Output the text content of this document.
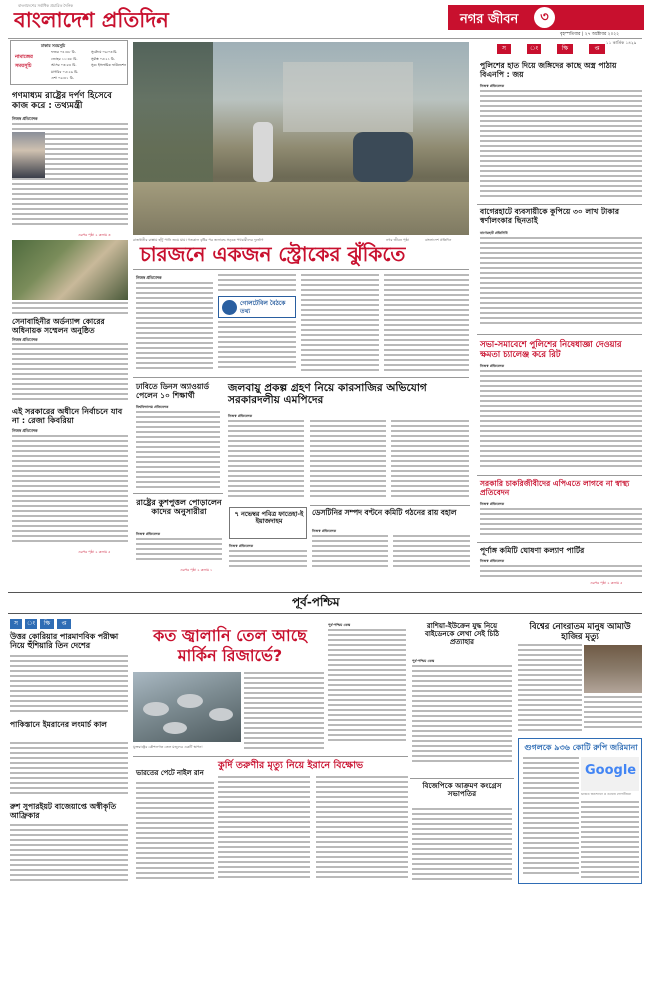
বাংলাদেশের সর্বাধিক প্রচারিত দৈনিক
বাংলাদেশ প্রতিদিন	নগর জীবন	৩
বৃহস্পতিবার | ২৭ অক্টোবর ২০২২
১১ কার্তিক ১৪২৯
ঢাকার সময়সূচি
নামাজের
সময়সূচি
ফজর ০৪:৪৮ মি.
জোহর ১১:৪৮ মি.
আসর ০৩:৫৪ মি.
মাগরিব ০৫:২৬ মি.
এশা ০৬:৪১ মি.
সূর্যোদয় ০৬:০৩ মি.
সূর্যাস্ত ০৫:২১ মি.
সূত্র: ইসলামিক ফাউন্ডেশন
গণমাধ্যম রাষ্ট্রের দর্পণ হিসেবে কাজ করে : তথ্যমন্ত্রী
নিজস্ব প্রতিবেদক
এরপর পৃষ্ঠা ২ কলাম ৩
সেনাবাহিনীর অর্ডন্যান্স কোরের অধিনায়ক সম্মেলন অনুষ্ঠিত
নিজস্ব প্রতিবেদক
এই সরকারের অধীনে নির্বাচনে যাব না : রেজা কিবরিয়া
নিজস্ব প্রতিবেদক
এরপর পৃষ্ঠা ২ কলাম ৫
রাজধানীর রাস্তায় হাঁটু পানি জমে যায়। গতকাল বৃষ্টির পর জলাবদ্ধ সড়কে পথচারীদের দুর্ভোগ	বাংলাদেশ প্রতিদিন
নগর জীবন পৃষ্ঠা
চারজনে একজন স্ট্রোকের ঝুঁকিতে
নিজস্ব প্রতিবেদক
গোলটেবিল বৈঠকে তথ্য
ঢাবিতে ডিনস অ্যাওয়ার্ড পেলেন ১০ শিক্ষার্থী
বিশ্ববিদ্যালয় প্রতিবেদক
জলবায়ু প্রকল্প গ্রহণ নিয়ে কারসাজির অভিযোগ সরকারদলীয় এমপিদের
নিজস্ব প্রতিবেদক
রাষ্ট্রের কুশপুত্তল পোড়ালেন কাদের অনুসারীরা
নিজস্ব প্রতিবেদক
এরপর পৃষ্ঠা ২ কলাম ১
৭ নভেম্বর পবিত্র ফাতেহা-ই ইয়াজদাহম
নিজস্ব প্রতিবেদক
ডেসটিনির সম্পদ বণ্টনে কমিটি গঠনের রায় বহাল
নিজস্ব প্রতিবেদক
স	ং	ক্ষি	প্ত
পুলিশের হাত দিয়ে জঙ্গিদের কাছে অস্ত্র পাঠায় বিএনপি : জয়
নিজস্ব প্রতিবেদক
বাগেরহাটে ব্যবসায়ীকে কুপিয়ে ৩০ লাখ টাকার স্বর্ণালংকার ছিনতাই
বাগেরহাট প্রতিনিধি
সভা-সমাবেশে পুলিশের নিষেধাজ্ঞা দেওয়ার ক্ষমতা চ্যালেঞ্জ করে রিট
নিজস্ব প্রতিবেদক
সরকারি চাকরিজীবীদের এপিএতে লাগবে না স্বাস্থ্য প্রতিবেদন
নিজস্ব প্রতিবেদক
পূর্ণাঙ্গ কমিটি ঘোষণা কল্যাণ পার্টির
নিজস্ব প্রতিবেদক
এরপর পৃষ্ঠা ২ কলাম ৫
পূর্ব-পশ্চিম
স	ং	ক্ষি	প্ত
উত্তর কোরিয়ার পারমাণবিক পরীক্ষা নিয়ে হুঁশিয়ারি তিন দেশের
পাকিস্তানে ইমরানের লংমার্চ কাল
রুশ সুপারইয়ট বাজেয়াপ্তে অস্বীকৃতি আফ্রিকার
কত জ্বালানি তেল আছে মার্কিন রিজার্ভে?
পূর্ব-পশ্চিম ডেস্ক
যুক্তরাষ্ট্রের কৌশলগত তেল মজুদের একটি স্থাপনা
কুর্দি তরুণীর মৃত্যু নিয়ে ইরানে বিক্ষোভ
ভারতের পেটে নাইল রান
রাশিয়া-ইউক্রেন যুদ্ধ নিয়ে বাইডেনকে লেখা সেই চিঠি প্রত্যাহার
পূর্ব-পশ্চিম ডেস্ক
বিজেপিকে আক্রমণ কংগ্রেস সভাপতির
বিশ্বের নোংরাতম মানুষ আমাউ হাজির মৃত্যু
গুগলকে ৯৩৬ কোটি রুপি জরিমানা
Google
ভারতে জনসংখ্যা ও তথ্যের গোপনীয়তা
